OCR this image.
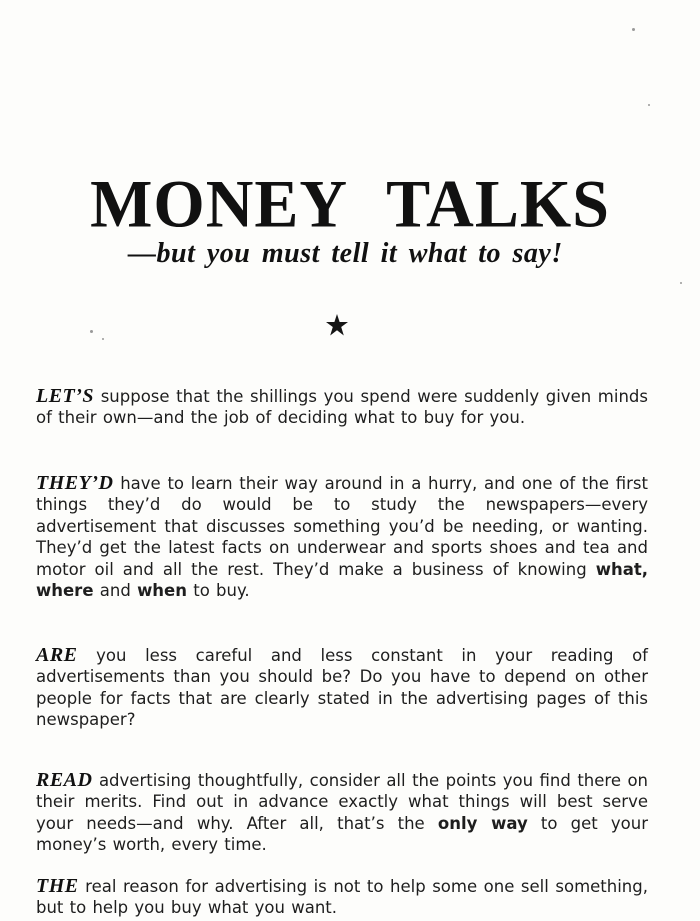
MONEY TALKS
—but you must tell it what to say!

LET’S suppose that the shillings you spend were suddenly given minds of their own—and the job of deciding what to buy for you.

THEY’D have to learn their way around in a hurry, and one of the first things they’d do would be to study the newspapers—every advertisement that discusses something you’d be needing, or wanting. They’d get the latest facts on underwear and sports shoes and tea and motor oil and all the rest. They’d make a business of knowing what, where and when to buy.

ARE you less careful and less constant in your reading of advertisements than you should be? Do you have to depend on other people for facts that are clearly stated in the advertising pages of this newspaper?

READ advertising thoughtfully, consider all the points you find there on their merits. Find out in advance exactly what things will best serve your needs—and why. After all, that’s the only way to get your money’s worth, every time.

THE real reason for advertising is not to help some one sell something, but to help you buy what you want.
